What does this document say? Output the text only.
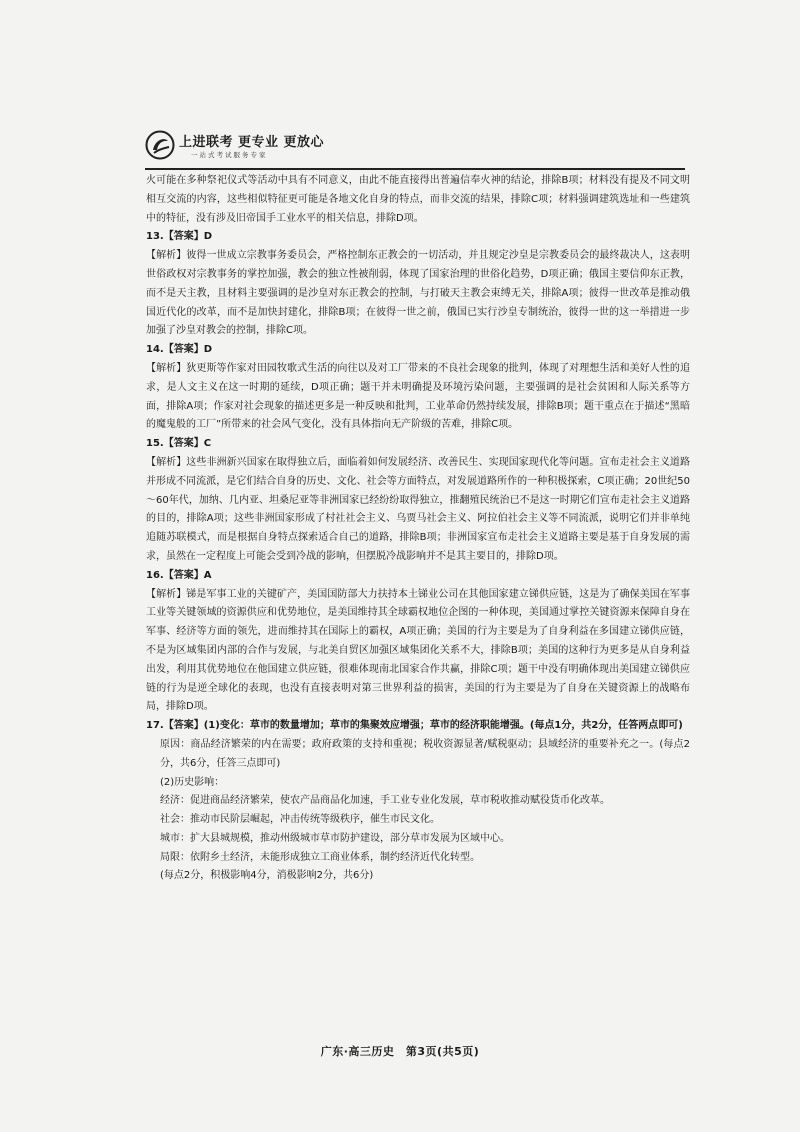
上进联考 更专业 更放心
一站式考试服务专家

火可能在多种祭祀仪式等活动中具有不同意义，由此不能直接得出普遍信奉火神的结论，排除B项；材料没有提及不同文明相互交流的内容，这些相似特征更可能是各地文化自身的特点，而非交流的结果，排除C项；材料强调建筑选址和一些建筑中的特征，没有涉及旧帝国手工业水平的相关信息，排除D项。

13.【答案】D

【解析】彼得一世成立宗教事务委员会，严格控制东正教会的一切活动，并且规定沙皇是宗教委员会的最终裁决人，这表明世俗政权对宗教事务的掌控加强，教会的独立性被削弱，体现了国家治理的世俗化趋势，D项正确；俄国主要信仰东正教，而不是天主教，且材料主要强调的是沙皇对东正教会的控制，与打破天主教会束缚无关，排除A项；彼得一世改革是推动俄国近代化的改革，而不是加快封建化，排除B项；在彼得一世之前，俄国已实行沙皇专制统治，彼得一世的这一举措进一步加强了沙皇对教会的控制，排除C项。

14.【答案】D

【解析】狄更斯等作家对田园牧歌式生活的向往以及对工厂带来的不良社会现象的批判，体现了对理想生活和美好人性的追求，是人文主义在这一时期的延续，D项正确；题干并未明确提及环境污染问题，主要强调的是社会贫困和人际关系等方面，排除A项；作家对社会现象的描述更多是一种反映和批判，工业革命仍然持续发展，排除B项；题干重点在于描述“黑暗的魔鬼般的工厂”所带来的社会风气变化，没有具体指向无产阶级的苦难，排除C项。

15.【答案】C

【解析】这些非洲新兴国家在取得独立后，面临着如何发展经济、改善民生、实现国家现代化等问题。宣布走社会主义道路并形成不同流派，是它们结合自身的历史、文化、社会等方面特点，对发展道路所作的一种积极探索，C项正确；20世纪50～60年代，加纳、几内亚、坦桑尼亚等非洲国家已经纷纷取得独立，推翻殖民统治已不是这一时期它们宣布走社会主义道路的目的，排除A项；这些非洲国家形成了村社社会主义、乌贾马社会主义、阿拉伯社会主义等不同流派，说明它们并非单纯追随苏联模式，而是根据自身特点探索适合自己的道路，排除B项；非洲国家宣布走社会主义道路主要是基于自身发展的需求，虽然在一定程度上可能会受到冷战的影响，但摆脱冷战影响并不是其主要目的，排除D项。

16.【答案】A

【解析】锑是军事工业的关键矿产，美国国防部大力扶持本土锑业公司在其他国家建立锑供应链，这是为了确保美国在军事工业等关键领域的资源供应和优势地位，是美国维持其全球霸权地位企图的一种体现，美国通过掌控关键资源来保障自身在军事、经济等方面的领先，进而维持其在国际上的霸权，A项正确；美国的行为主要是为了自身利益在多国建立锑供应链，不是为区域集团内部的合作与发展，与北美自贸区加强区域集团化关系不大，排除B项；美国的这种行为更多是从自身利益出发，利用其优势地位在他国建立供应链，很难体现南北国家合作共赢，排除C项；题干中没有明确体现出美国建立锑供应链的行为是逆全球化的表现，也没有直接表明对第三世界利益的损害，美国的行为主要是为了自身在关键资源上的战略布局，排除D项。

17.【答案】(1)变化：草市的数量增加；草市的集聚效应增强；草市的经济职能增强。(每点1分，共2分，任答两点即可)

原因：商品经济繁荣的内在需要；政府政策的支持和重视；税收资源显著/赋税驱动；县域经济的重要补充之一。(每点2分，共6分，任答三点即可)

(2)历史影响：

经济：促进商品经济繁荣，使农产品商品化加速，手工业专业化发展，草市税收推动赋役货币化改革。

社会：推动市民阶层崛起，冲击传统等级秩序，催生市民文化。

城市：扩大县城规模，推动州级城市草市防护建设，部分草市发展为区域中心。

局限：依附乡土经济，未能形成独立工商业体系，制约经济近代化转型。

(每点2分，积极影响4分，消极影响2分，共6分)

广东·高三历史　第3页(共5页)
